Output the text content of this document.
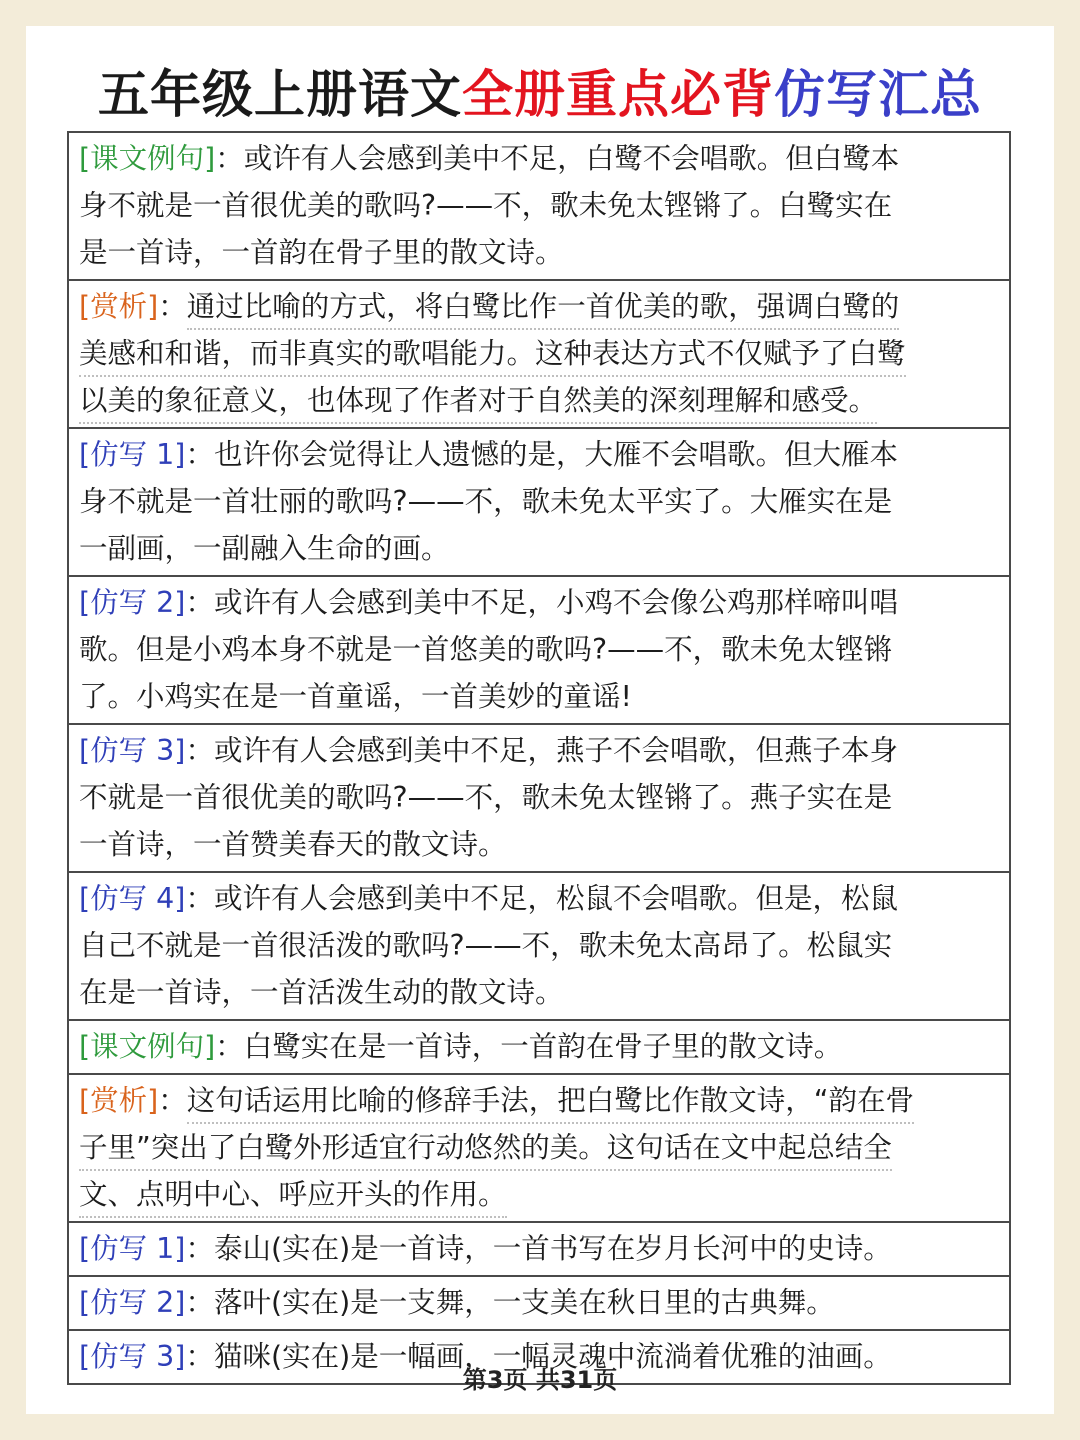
五年级上册语文全册重点必背仿写汇总
[课文例句]：或许有人会感到美中不足，白鹭不会唱歌。但白鹭本
身不就是一首很优美的歌吗?——不，歌未免太铿锵了。白鹭实在
是一首诗，一首韵在骨子里的散文诗。
[赏析]：通过比喻的方式，将白鹭比作一首优美的歌，强调白鹭的
美感和和谐，而非真实的歌唱能力。这种表达方式不仅赋予了白鹭
以美的象征意义，也体现了作者对于自然美的深刻理解和感受。
[仿写 1]：也许你会觉得让人遗憾的是，大雁不会唱歌。但大雁本
身不就是一首壮丽的歌吗?——不，歌未免太平实了。大雁实在是
一副画，一副融入生命的画。
[仿写 2]：或许有人会感到美中不足，小鸡不会像公鸡那样啼叫唱
歌。但是小鸡本身不就是一首悠美的歌吗?——不，歌未免太铿锵
了。小鸡实在是一首童谣，一首美妙的童谣!
[仿写 3]：或许有人会感到美中不足，燕子不会唱歌，但燕子本身
不就是一首很优美的歌吗?——不，歌未免太铿锵了。燕子实在是
一首诗，一首赞美春天的散文诗。
[仿写 4]：或许有人会感到美中不足，松鼠不会唱歌。但是，松鼠
自己不就是一首很活泼的歌吗?——不，歌未免太高昂了。松鼠实
在是一首诗，一首活泼生动的散文诗。
[课文例句]：白鹭实在是一首诗，一首韵在骨子里的散文诗。
[赏析]：这句话运用比喻的修辞手法，把白鹭比作散文诗，“韵在骨
子里”突出了白鹭外形适宜行动悠然的美。这句话在文中起总结全
文、点明中心、呼应开头的作用。
[仿写 1]：泰山(实在)是一首诗，一首书写在岁月长河中的史诗。
[仿写 2]：落叶(实在)是一支舞，一支美在秋日里的古典舞。
[仿写 3]：猫咪(实在)是一幅画，一幅灵魂中流淌着优雅的油画。
第3页 共31页
